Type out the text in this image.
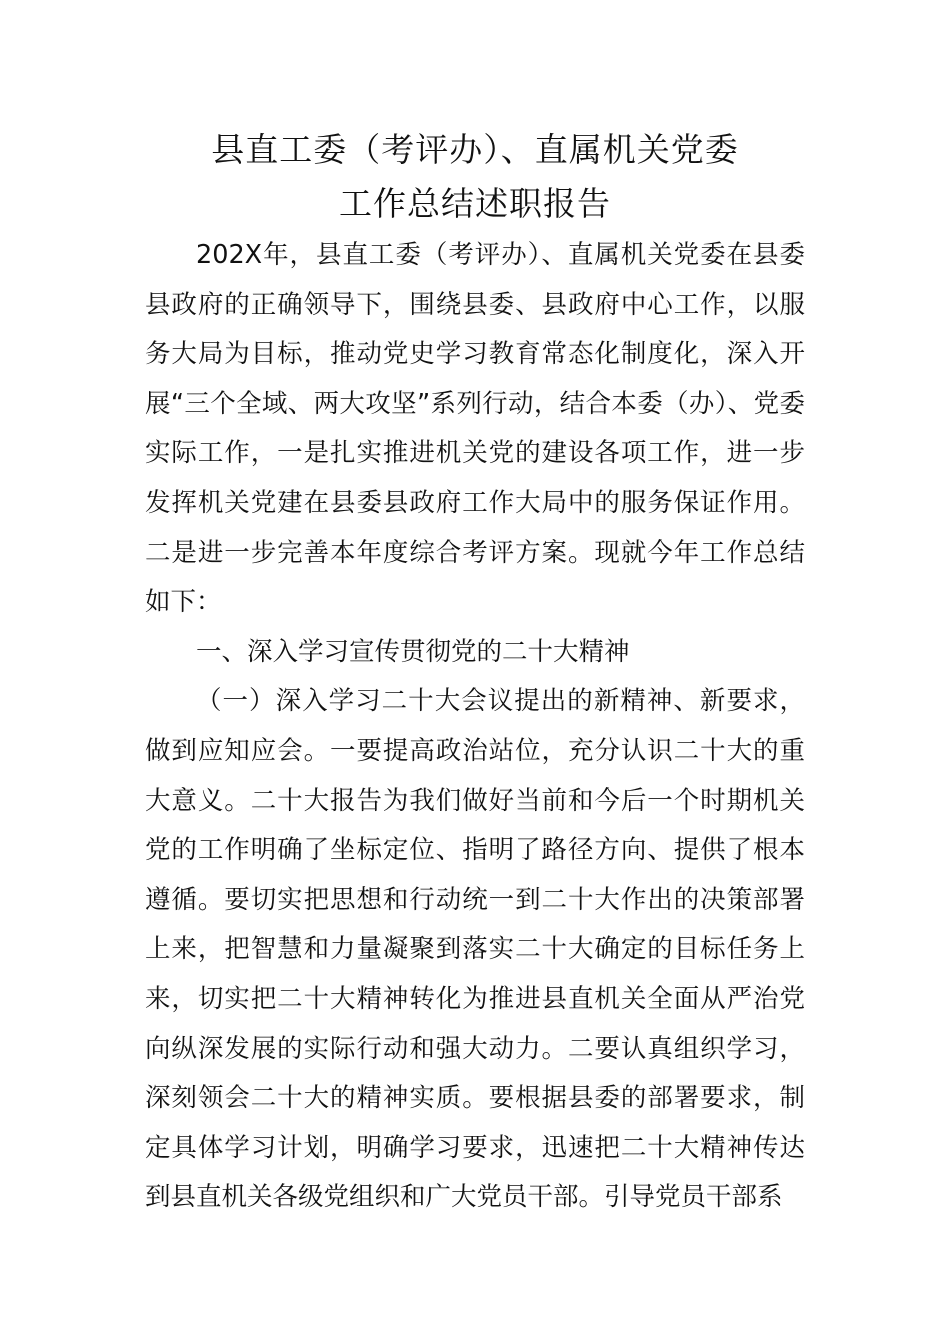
县直工委（考评办）、直属机关党委
工作总结述职报告

202X年，县直工委（考评办）、直属机关党委在县委县政府的正确领导下，围绕县委、县政府中心工作，以服务大局为目标，推动党史学习教育常态化制度化，深入开展“三个全域、两大攻坚”系列行动，结合本委（办）、党委实际工作，一是扎实推进机关党的建设各项工作，进一步发挥机关党建在县委县政府工作大局中的服务保证作用。二是进一步完善本年度综合考评方案。现就今年工作总结如下：

一、深入学习宣传贯彻党的二十大精神

（一）深入学习二十大会议提出的新精神、新要求，做到应知应会。一要提高政治站位，充分认识二十大的重大意义。二十大报告为我们做好当前和今后一个时期机关党的工作明确了坐标定位、指明了路径方向、提供了根本遵循。要切实把思想和行动统一到二十大作出的决策部署上来，把智慧和力量凝聚到落实二十大确定的目标任务上来，切实把二十大精神转化为推进县直机关全面从严治党向纵深发展的实际行动和强大动力。二要认真组织学习，深刻领会二十大的精神实质。要根据县委的部署要求，制定具体学习计划，明确学习要求，迅速把二十大精神传达到县直机关各级党组织和广大党员干部。引导党员干部系
